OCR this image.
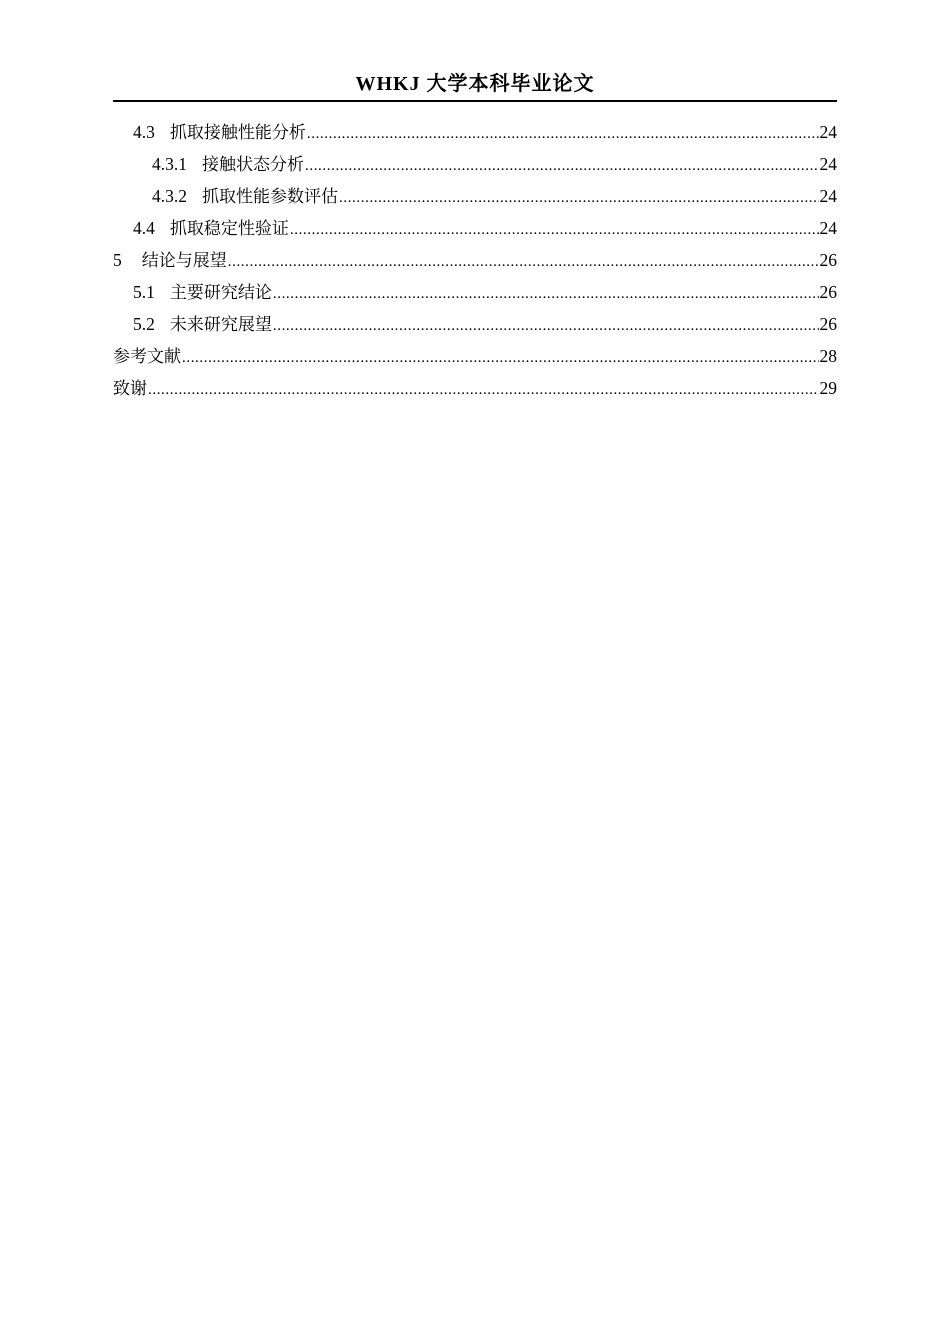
WHKJ 大学本科毕业论文
4.3 抓取接触性能分析 .....	24
4.3.1 接触状态分析 .....	24
4.3.2 抓取性能参数评估 .....	24
4.4 抓取稳定性验证 .....	24
5 结论与展望 .....	26
5.1 主要研究结论 .....	26
5.2 未来研究展望 .....	26
参考文献 .....	28
致谢 .....	29
